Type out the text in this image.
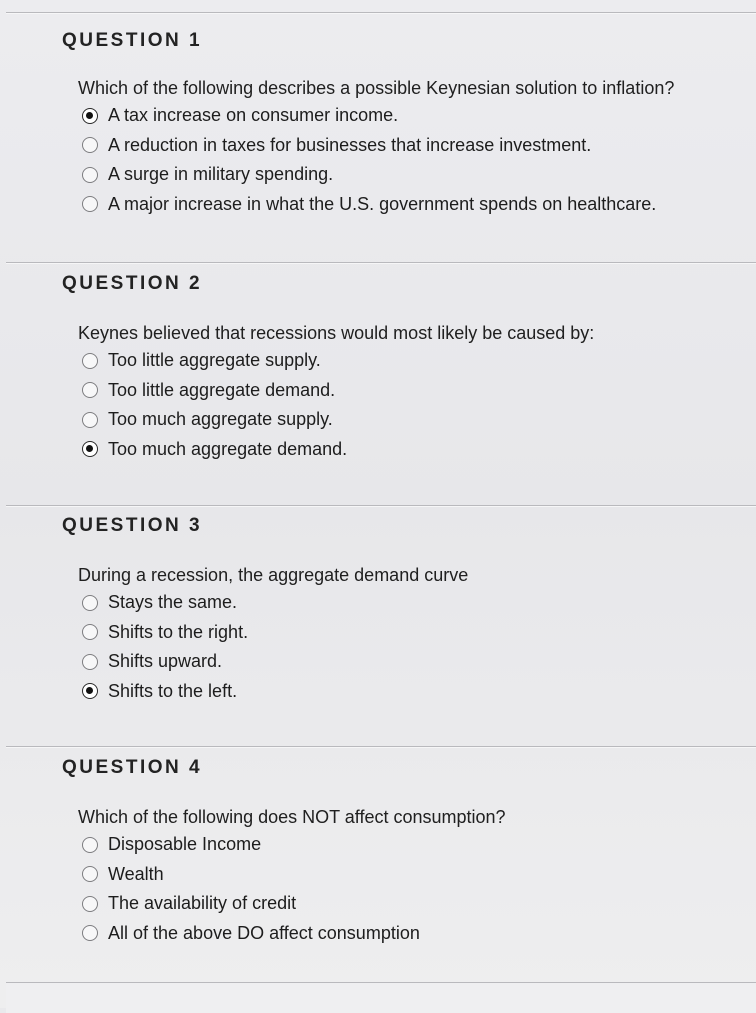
QUESTION 1
Which of the following describes a possible Keynesian solution to inflation?
A tax increase on consumer income.
A reduction in taxes for businesses that increase investment.
A surge in military spending.
A major increase in what the U.S. government spends on healthcare.
QUESTION 2
Keynes believed that recessions would most likely be caused by:
Too little aggregate supply.
Too little aggregate demand.
Too much aggregate supply.
Too much aggregate demand.
QUESTION 3
During a recession, the aggregate demand curve
Stays the same.
Shifts to the right.
Shifts upward.
Shifts to the left.
QUESTION 4
Which of the following does NOT affect consumption?
Disposable Income
Wealth
The availability of credit
All of the above DO affect consumption
